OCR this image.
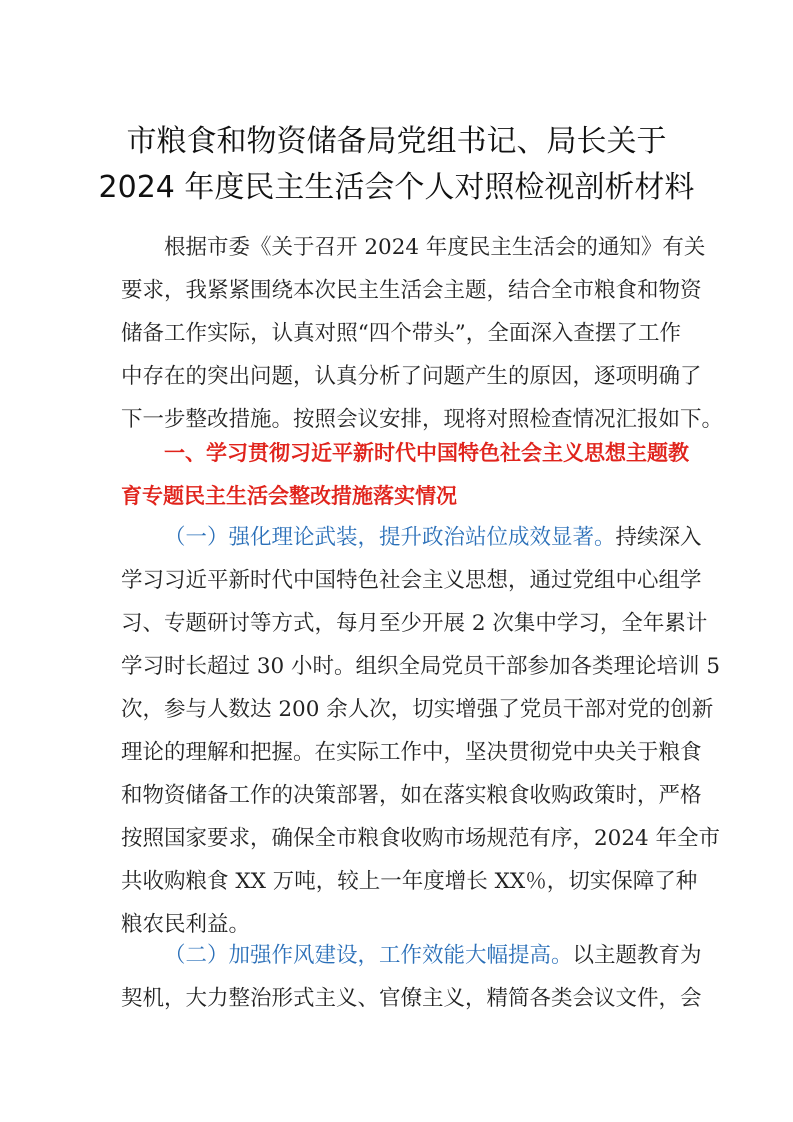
市粮食和物资储备局党组书记、局长关于
2024 年度民主生活会个人对照检视剖析材料
根据市委《关于召开 2024 年度民主生活会的通知》有关
要求，我紧紧围绕本次民主生活会主题，结合全市粮食和物资
储备工作实际，认真对照“四个带头”，全面深入查摆了工作
中存在的突出问题，认真分析了问题产生的原因，逐项明确了
下一步整改措施。按照会议安排，现将对照检查情况汇报如下。
一、学习贯彻习近平新时代中国特色社会主义思想主题教
育专题民主生活会整改措施落实情况
（一）强化理论武装，提升政治站位成效显著。持续深入
学习习近平新时代中国特色社会主义思想，通过党组中心组学
习、专题研讨等方式，每月至少开展 2 次集中学习，全年累计
学习时长超过 30 小时。组织全局党员干部参加各类理论培训 5
次，参与人数达 200 余人次，切实增强了党员干部对党的创新
理论的理解和把握。在实际工作中，坚决贯彻党中央关于粮食
和物资储备工作的决策部署，如在落实粮食收购政策时，严格
按照国家要求，确保全市粮食收购市场规范有序，2024 年全市
共收购粮食 XX 万吨，较上一年度增长 XX％，切实保障了种
粮农民利益。
（二）加强作风建设，工作效能大幅提高。以主题教育为
契机，大力整治形式主义、官僚主义，精简各类会议文件，会
